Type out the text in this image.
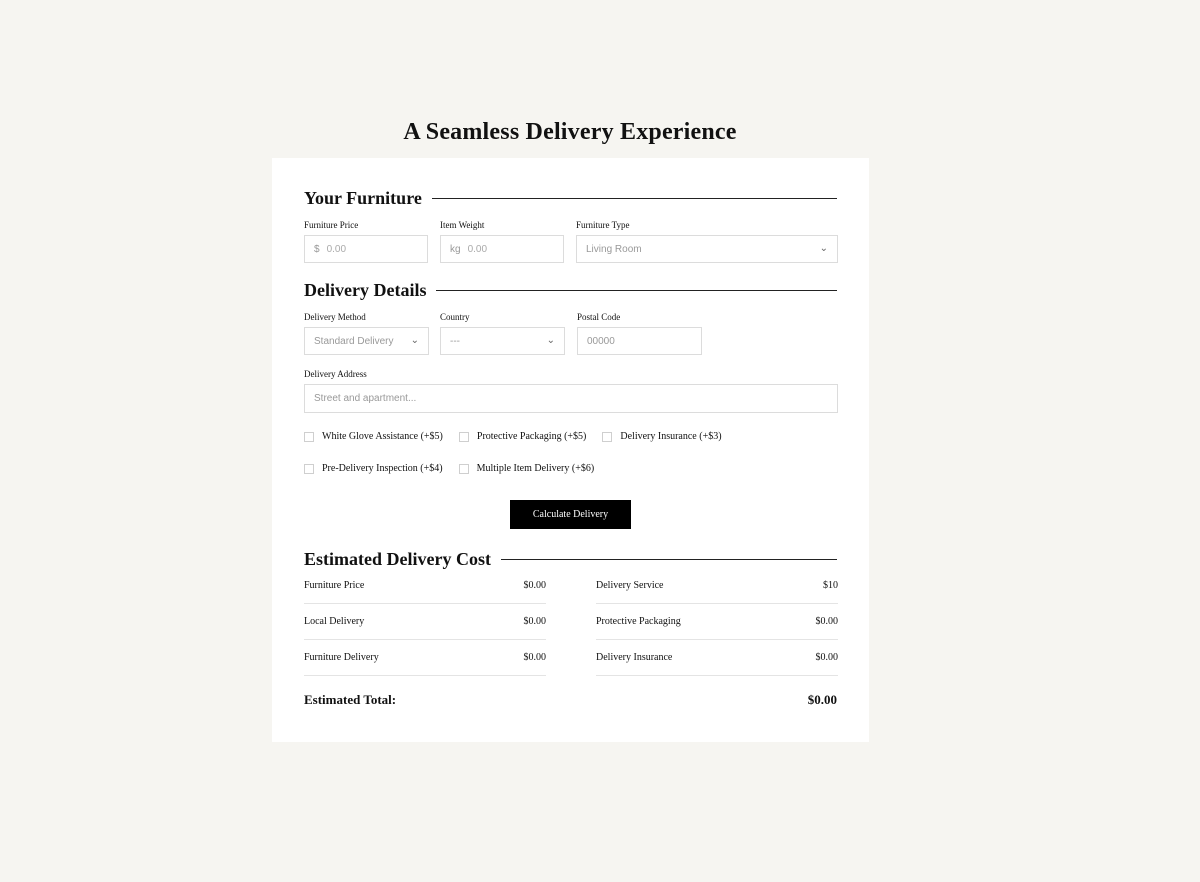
A Seamless Delivery Experience
Your Furniture
Furniture Price
$ 0.00
Item Weight
kg 0.00
Furniture Type
Living Room	⌄
Delivery Details
Delivery Method
Standard Delivery ⌄
Country
---	⌄
Postal Code
00000
Delivery Address
Street and apartment...
White Glove Assistance (+$5)	Protective Packaging (+$5)	Delivery Insurance (+$3)
Pre-Delivery Inspection (+$4)	Multiple Item Delivery (+$6)
Calculate Delivery
Estimated Delivery Cost
Furniture Price	$0.00
Local Delivery	$0.00
Furniture Delivery	$0.00
Delivery Service	$10
Protective Packaging	$0.00
Delivery Insurance	$0.00
Estimated Total:	$0.00
